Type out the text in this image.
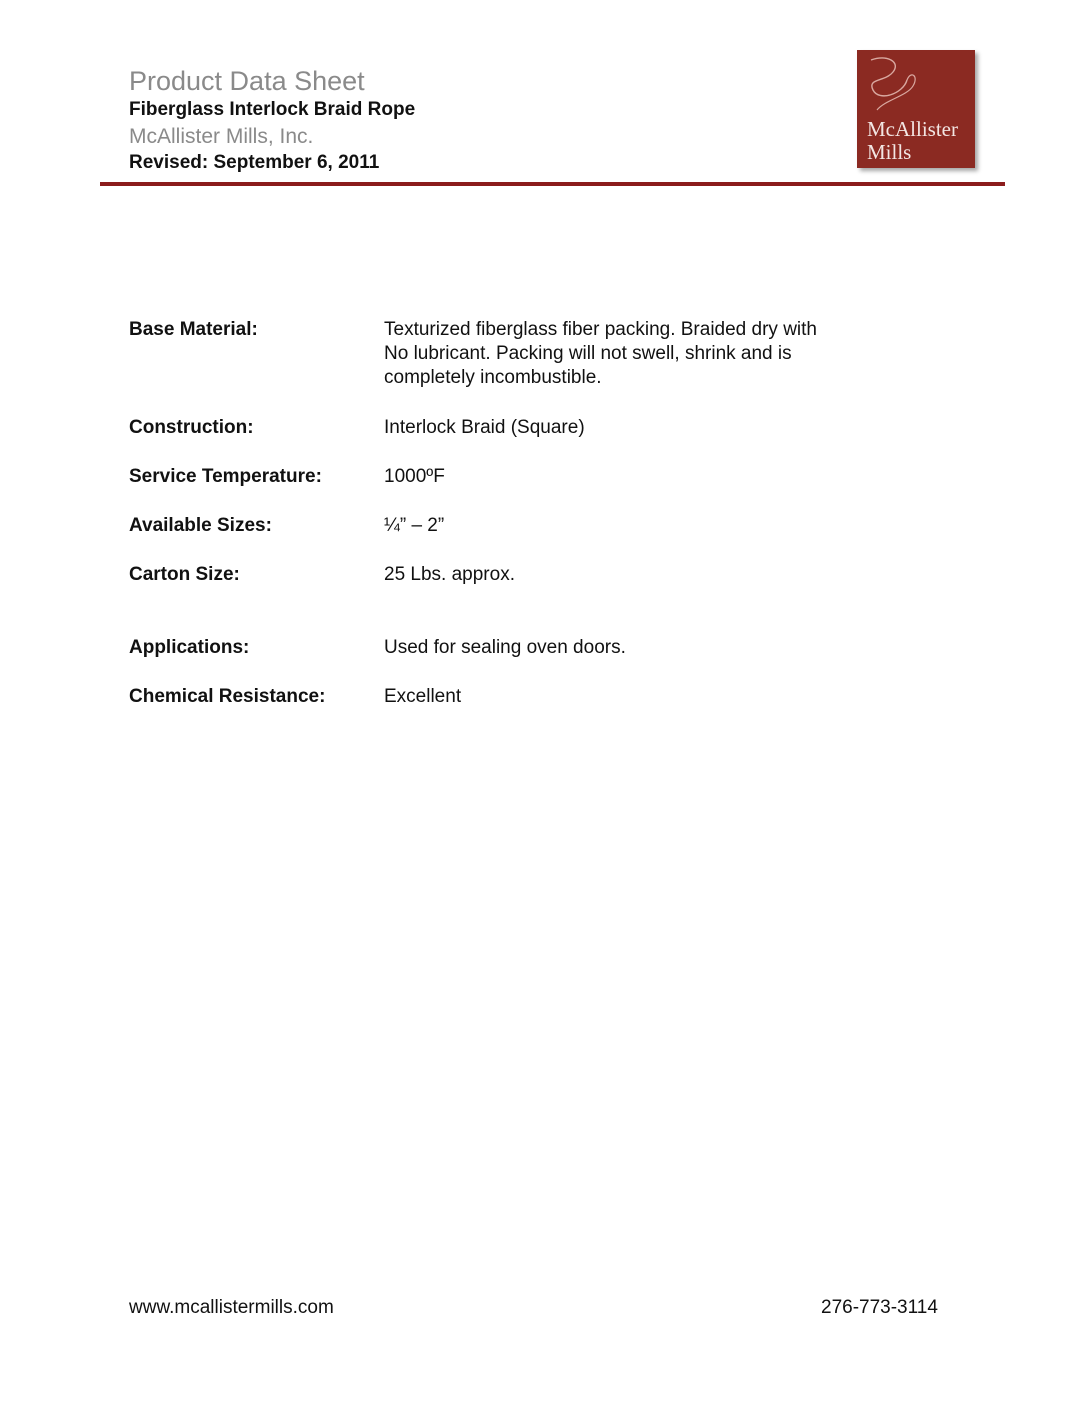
Product Data Sheet
Fiberglass Interlock Braid Rope
McAllister Mills, Inc.
Revised: September 6, 2011
McAllister
Mills
Base Material:	Texturized fiberglass fiber packing. Braided dry with
No lubricant. Packing will not swell, shrink and is
completely incombustible.
Construction:	Interlock Braid (Square)
Service Temperature:	1000ºF
Available Sizes:	¼” – 2”
Carton Size:	25 Lbs. approx.
Applications:	Used for sealing oven doors.
Chemical Resistance:	Excellent
www.mcallistermills.com	276-773-3114
